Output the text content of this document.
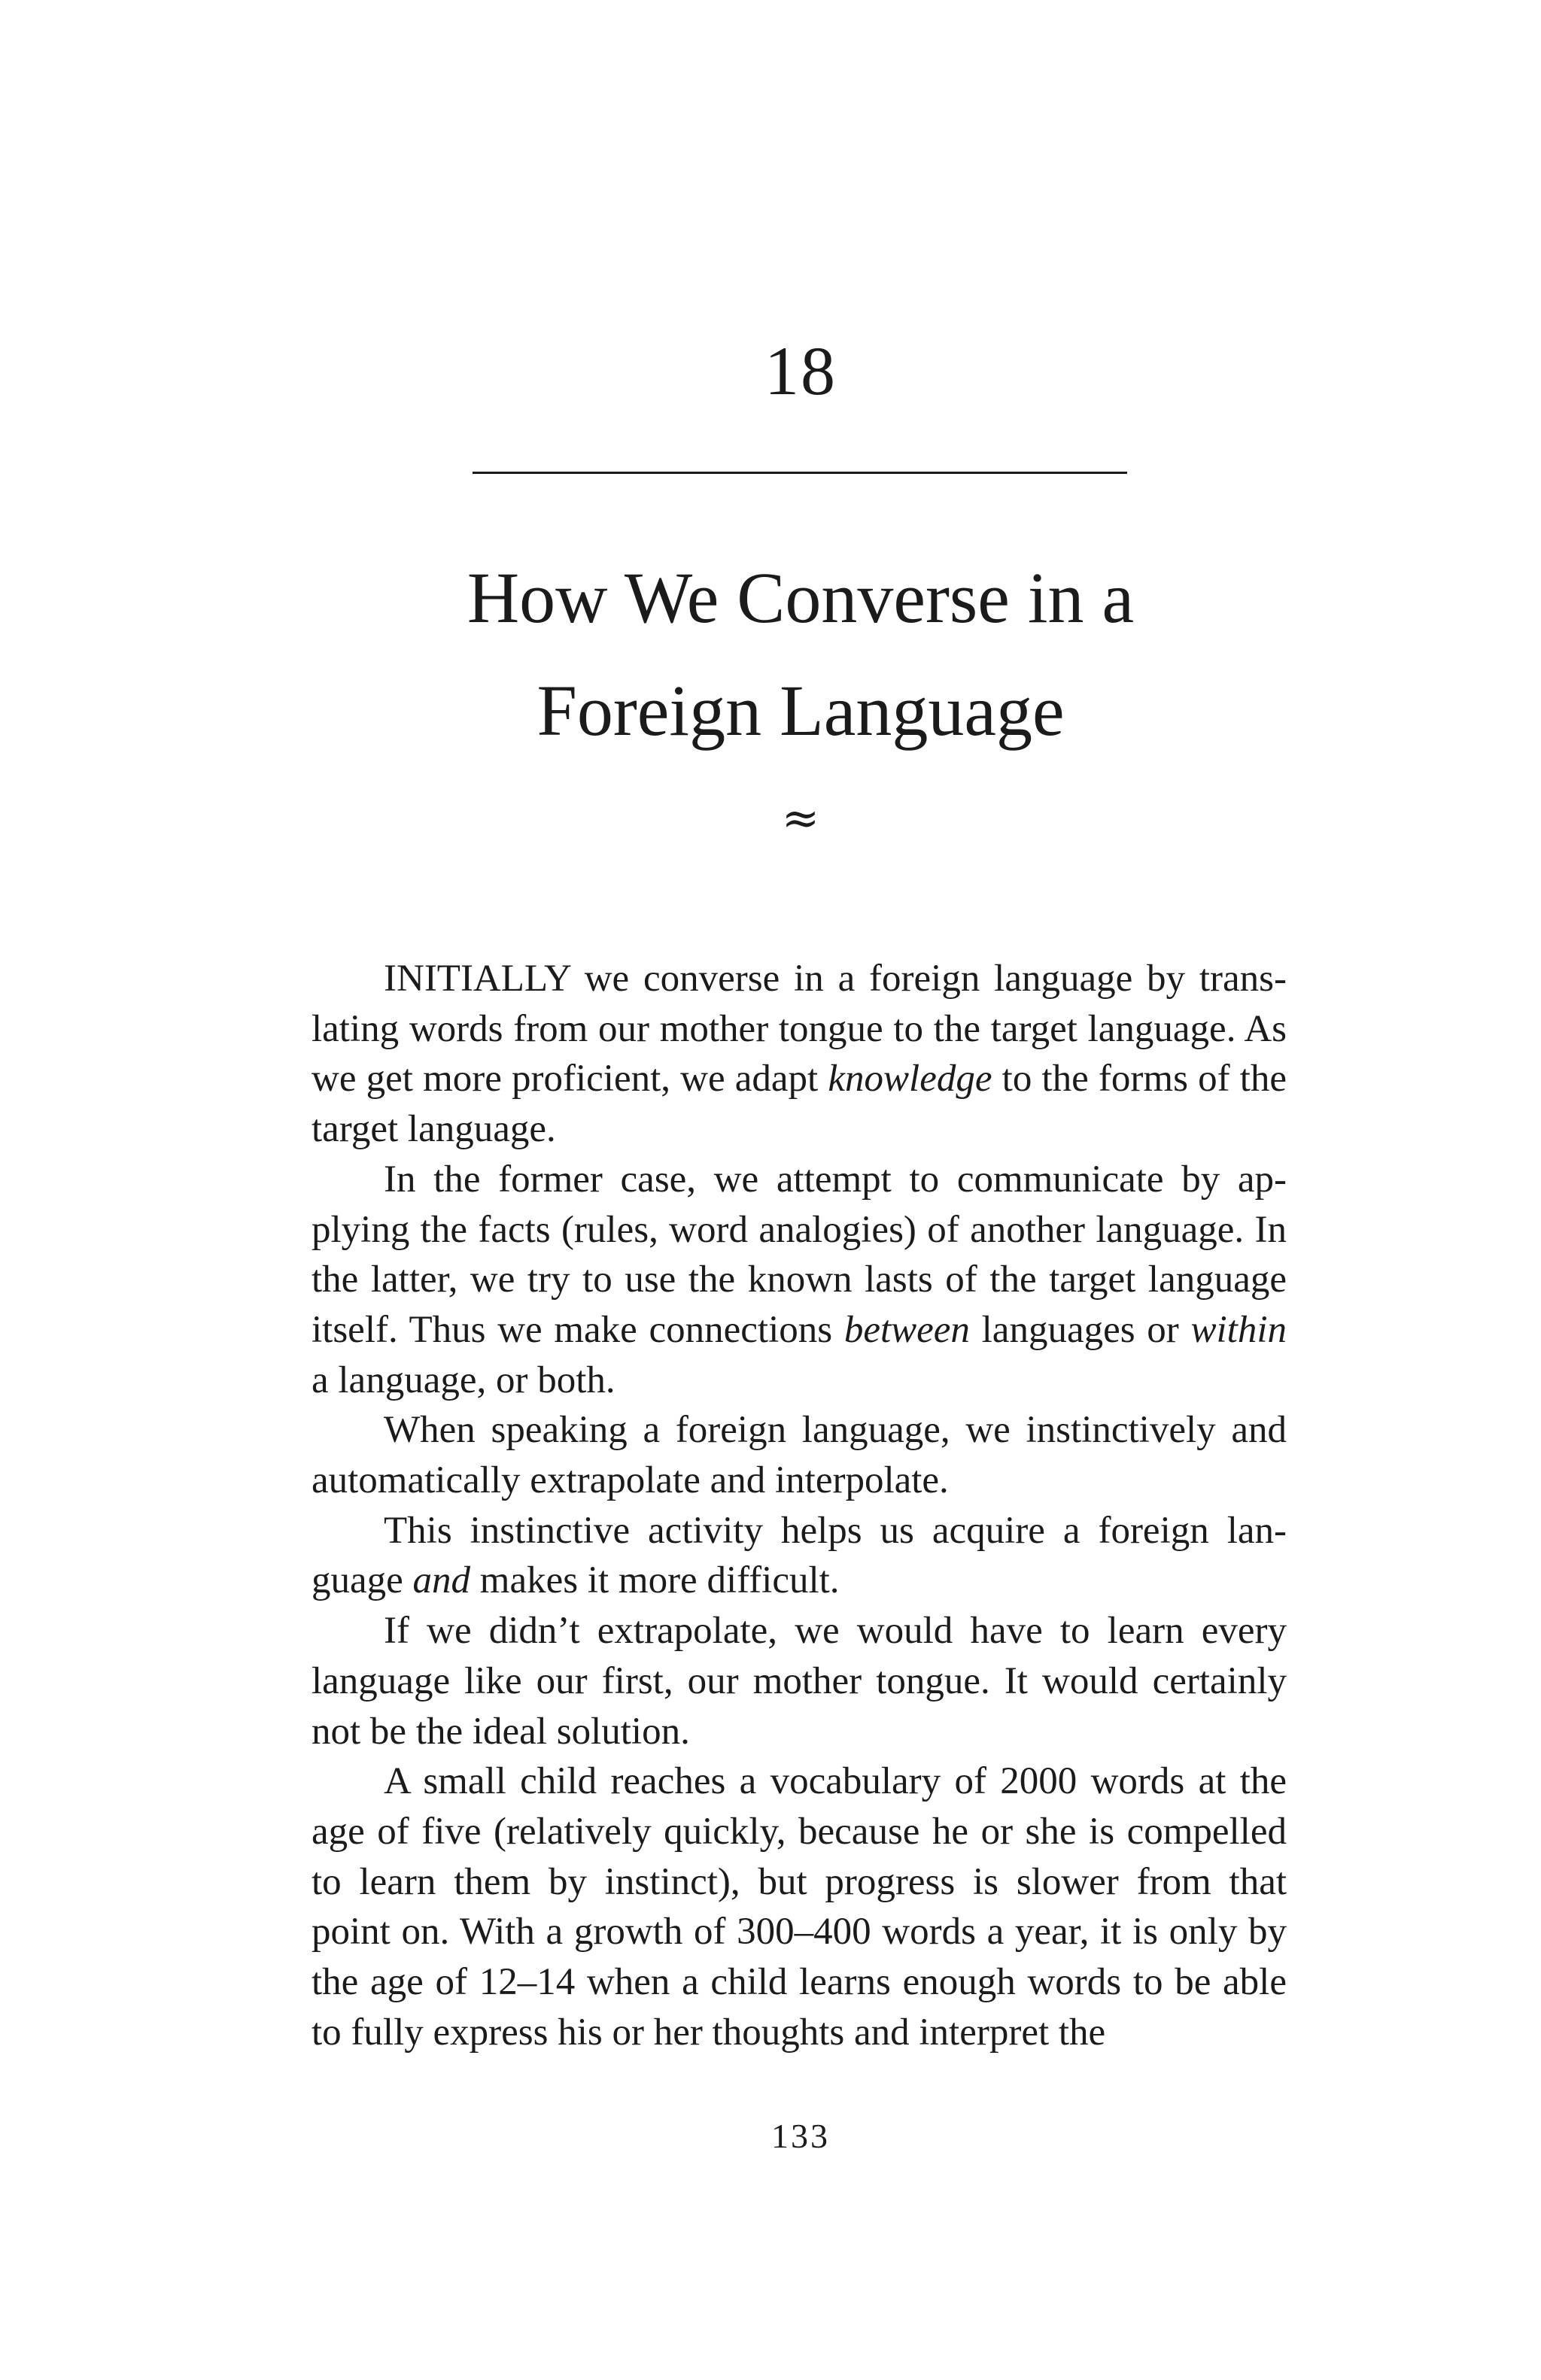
18
How We Converse in a
Foreign Language
≈

INITIALLY we converse in a foreign language by translating words from our mother tongue to the target language. As we get more proficient, we adapt knowledge to the forms of the target language.

In the former case, we attempt to communicate by applying the facts (rules, word analogies) of another language. In the latter, we try to use the known lasts of the target language itself. Thus we make connections between languages or within a language, or both.

When speaking a foreign language, we instinctively and automatically extrapolate and interpolate.

This instinctive activity helps us acquire a foreign language and makes it more difficult.

If we didn’t extrapolate, we would have to learn every language like our first, our mother tongue. It would certainly not be the ideal solution.

A small child reaches a vocabulary of 2000 words at the age of five (relatively quickly, because he or she is compelled to learn them by instinct), but progress is slower from that point on. With a growth of 300–400 words a year, it is only by the age of 12–14 when a child learns enough words to be able to fully express his or her thoughts and interpret the

133
